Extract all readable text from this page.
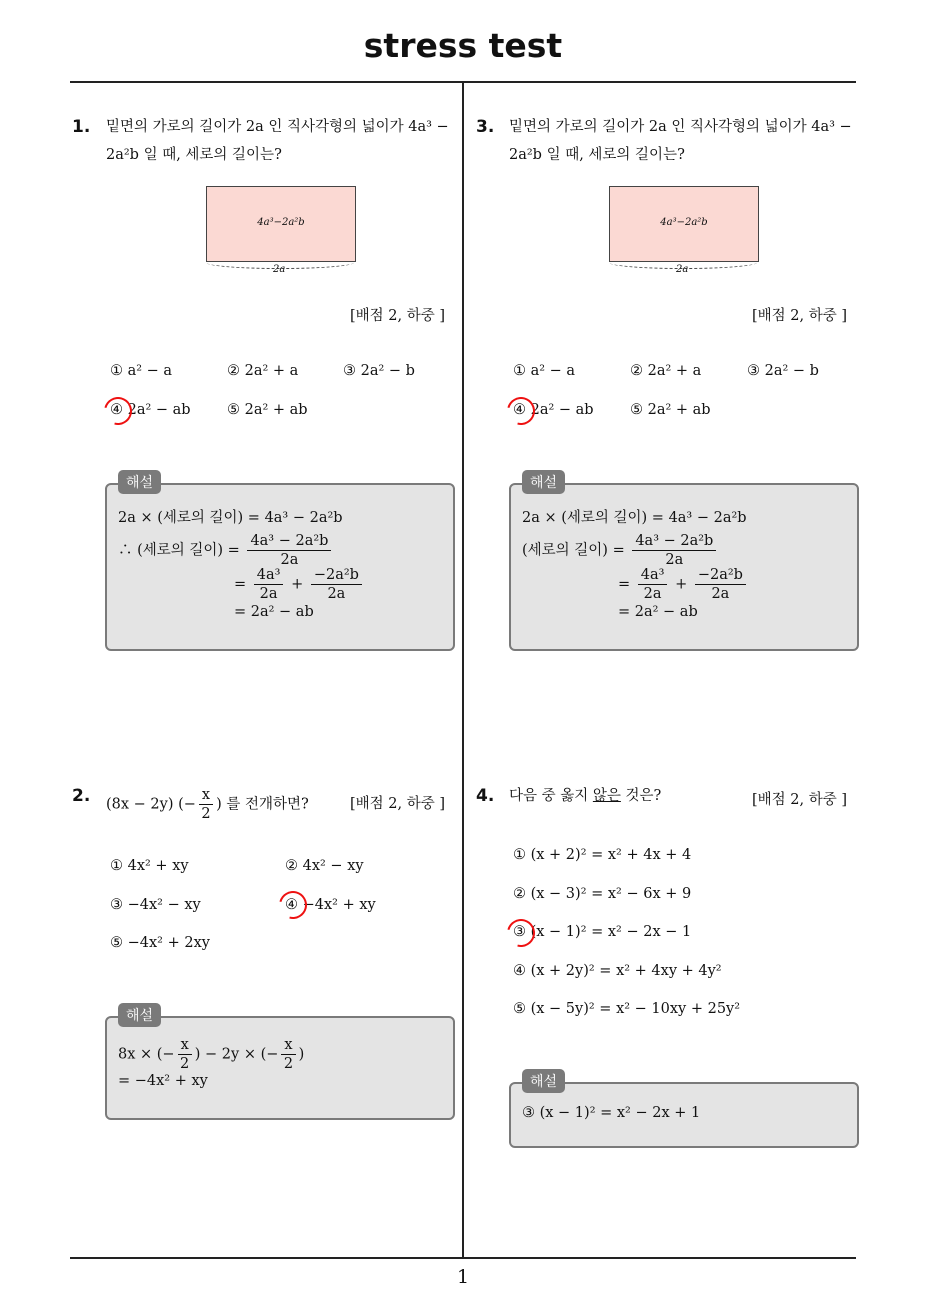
stress test
1
1. 밑면의 가로의 길이가 2a 인 직사각형의 넓이가 4a³ −
2a²b 일 때, 세로의 길이는?
4a³−2a²b
2a
[배점 2, 하중 ]
① a² − a	② 2a² + a	③ 2a² − b
④ 2a² − ab	⑤ 2a² + ab
해설
2a × (세로의 길이) = 4a³ − 2a²b
∴ (세로의 길이) = $\frac{\text{4a³ − 2a²b}}{2a}$
= $\frac{\text{4a³}}{2a} + \frac{\text{−2a²b}}{2a}$
= 2a² − ab
3. 밑면의 가로의 길이가 2a 인 직사각형의 넓이가 4a³ −
2a²b 일 때, 세로의 길이는?
4a³−2a²b
2a
[배점 2, 하중 ]
① a² − a	② 2a² + a	③ 2a² − b
④ 2a² − ab	⑤ 2a² + ab
해설
2a × (세로의 길이) = 4a³ − 2a²b
(세로의 길이) = $\frac{\text{4a³ − 2a²b}}{2a}$
= $\frac{\text{4a³}}{2a} + \frac{\text{−2a²b}}{2a}$
= 2a² − ab
2. (8x − 2y) (− $\frac{x}{2}$ ) 를 전개하면?	[배점 2, 하중 ]
① 4x² + xy	② 4x² − xy
③ −4x² − xy	④ −4x² + xy
⑤ −4x² + 2xy
해설
8x × (− $\frac{x}{2}$ ) − 2y × (− $\frac{x}{2}$ )
= −4x² + xy
4. 다음 중 옳지 않은 것은?	[배점 2, 하중 ]
① (x + 2)² = x² + 4x + 4
② (x − 3)² = x² − 6x + 9
③ (x − 1)² = x² − 2x − 1
④ (x + 2y)² = x² + 4xy + 4y²
⑤ (x − 5y)² = x² − 10xy + 25y²
해설
③ (x − 1)² = x² − 2x + 1
